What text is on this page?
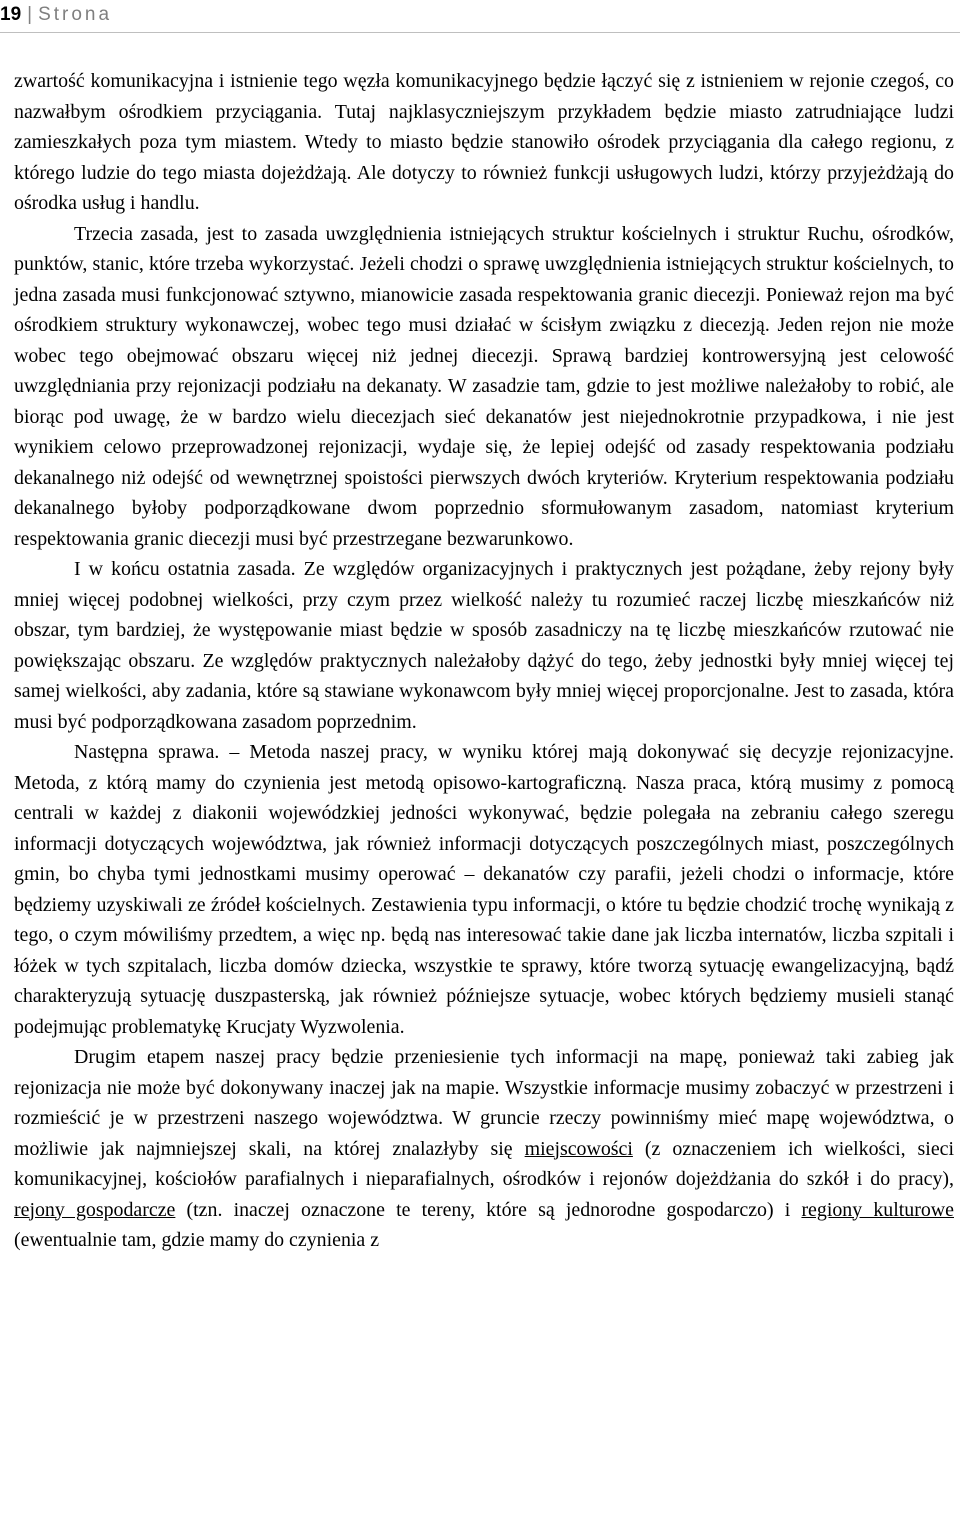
19 | Strona

zwartość komunikacyjna i istnienie tego węzła komunikacyjnego będzie łączyć się z istnieniem w rejonie czegoś, co nazwałbym ośrodkiem przyciągania. Tutaj najklasyczniejszym przykładem będzie miasto zatrudniające ludzi zamieszkałych poza tym miastem. Wtedy to miasto będzie stanowiło ośrodek przyciągania dla całego regionu, z którego ludzie do tego miasta dojeżdżają. Ale dotyczy to również funkcji usługowych ludzi, którzy przyjeżdżają do ośrodka usług i handlu.

Trzecia zasada, jest to zasada uwzględnienia istniejących struktur kościelnych i struktur Ruchu, ośrodków, punktów, stanic, które trzeba wykorzystać. Jeżeli chodzi o sprawę uwzględnienia istniejących struktur kościelnych, to jedna zasada musi funkcjonować sztywno, mianowicie zasada respektowania granic diecezji. Ponieważ rejon ma być ośrodkiem struktury wykonawczej, wobec tego musi działać w ścisłym związku z diecezją. Jeden rejon nie może wobec tego obejmować obszaru więcej niż jednej diecezji. Sprawą bardziej kontrowersyjną jest celowość uwzględniania przy rejonizacji podziału na dekanaty. W zasadzie tam, gdzie to jest możliwe należałoby to robić, ale biorąc pod uwagę, że w bardzo wielu diecezjach sieć dekanatów jest niejednokrotnie przypadkowa, i nie jest wynikiem celowo przeprowadzonej rejonizacji, wydaje się, że lepiej odejść od zasady respektowania podziału dekanalnego niż odejść od wewnętrznej spoistości pierwszych dwóch kryteriów. Kryterium respektowania podziału dekanalnego byłoby podporządkowane dwom poprzednio sformułowanym zasadom, natomiast kryterium respektowania granic diecezji musi być przestrzegane bezwarunkowo.

I w końcu ostatnia zasada. Ze względów organizacyjnych i praktycznych jest pożądane, żeby rejony były mniej więcej podobnej wielkości, przy czym przez wielkość należy tu rozumieć raczej liczbę mieszkańców niż obszar, tym bardziej, że występowanie miast będzie w sposób zasadniczy na tę liczbę mieszkańców rzutować nie powiększając obszaru. Ze względów praktycznych należałoby dążyć do tego, żeby jednostki były mniej więcej tej samej wielkości, aby zadania, które są stawiane wykonawcom były mniej więcej proporcjonalne. Jest to zasada, która musi być podporządkowana zasadom poprzednim.

Następna sprawa. – Metoda naszej pracy, w wyniku której mają dokonywać się decyzje rejonizacyjne. Metoda, z którą mamy do czynienia jest metodą opisowo-kartograficzną. Nasza praca, którą musimy z pomocą centrali w każdej z diakonii wojewódzkiej jedności wykonywać, będzie polegała na zebraniu całego szeregu informacji dotyczących województwa, jak również informacji dotyczących poszczególnych miast, poszczególnych gmin, bo chyba tymi jednostkami musimy operować – dekanatów czy parafii, jeżeli chodzi o informacje, które będziemy uzyskiwali ze źródeł kościelnych. Zestawienia typu informacji, o które tu będzie chodzić trochę wynikają z tego, o czym mówiliśmy przedtem, a więc np. będą nas interesować takie dane jak liczba internatów, liczba szpitali i łóżek w tych szpitalach, liczba domów dziecka, wszystkie te sprawy, które tworzą sytuację ewangelizacyjną, bądź charakteryzują sytuację duszpasterską, jak również późniejsze sytuacje, wobec których będziemy musieli stanąć podejmując problematykę Krucjaty Wyzwolenia.

Drugim etapem naszej pracy będzie przeniesienie tych informacji na mapę, ponieważ taki zabieg jak rejonizacja nie może być dokonywany inaczej jak na mapie. Wszystkie informacje musimy zobaczyć w przestrzeni i rozmieścić je w przestrzeni naszego województwa. W gruncie rzeczy powinniśmy mieć mapę województwa, o możliwie jak najmniejszej skali, na której znalazłyby się miejscowości (z oznaczeniem ich wielkości, sieci komunikacyjnej, kościołów parafialnych i nieparafialnych, ośrodków i rejonów dojeżdżania do szkół i do pracy), rejony gospodarcze (tzn. inaczej oznaczone te tereny, które są jednorodne gospodarczo) i regiony kulturowe (ewentualnie tam, gdzie mamy do czynienia z
